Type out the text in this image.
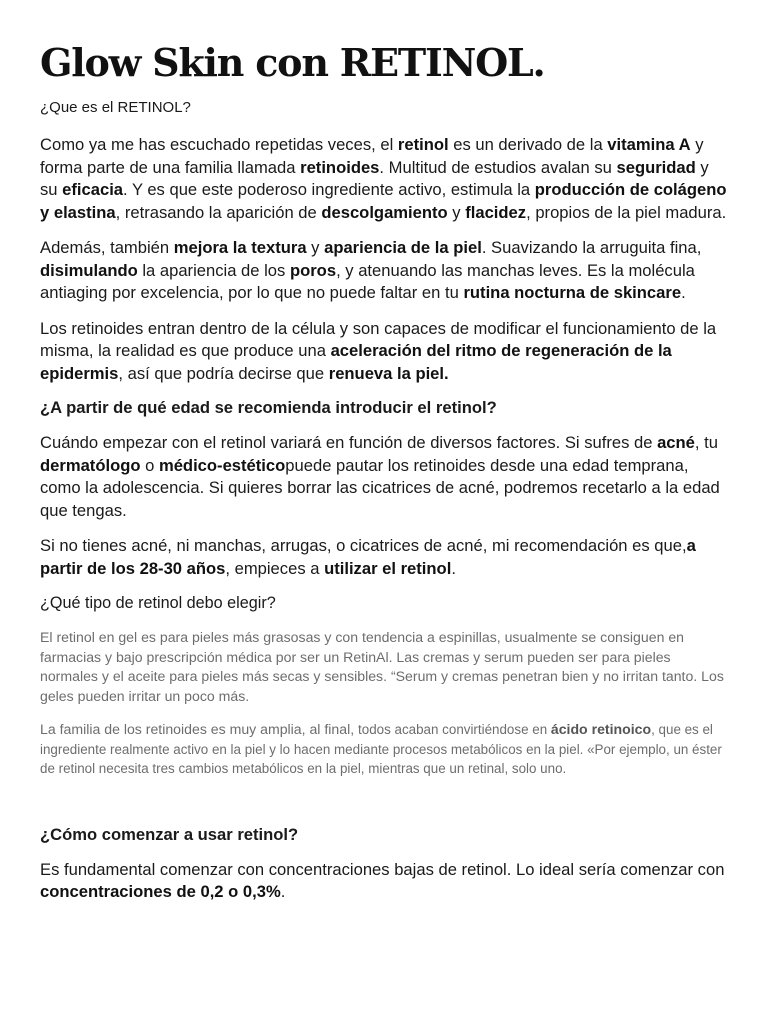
Glow Skin con RETINOL.

¿Que es el RETINOL?

Como ya me has escuchado repetidas veces, el retinol es un derivado de la vitamina A y forma parte de una familia llamada retinoides. Multitud de estudios avalan su seguridad y su eficacia. Y es que este poderoso ingrediente activo, estimula la producción de colágeno y elastina, retrasando la aparición de descolgamiento y flacidez, propios de la piel madura.

Además, también mejora la textura y apariencia de la piel. Suavizando la arruguita fina, disimulando la apariencia de los poros, y atenuando las manchas leves. Es la molécula antiaging por excelencia, por lo que no puede faltar en tu rutina nocturna de skincare.

Los retinoides entran dentro de la célula y son capaces de modificar el funcionamiento de la misma, la realidad es que produce una aceleración del ritmo de regeneración de la epidermis, así que podría decirse que renueva la piel.

¿A partir de qué edad se recomienda introducir el retinol?

Cuándo empezar con el retinol variará en función de diversos factores. Si sufres de acné, tu dermatólogo o médico-estéticopuede pautar los retinoides desde una edad temprana, como la adolescencia. Si quieres borrar las cicatrices de acné, podremos recetarlo a la edad que tengas.

Si no tienes acné, ni manchas, arrugas, o cicatrices de acné, mi recomendación es que,a partir de los 28-30 años, empieces a utilizar el retinol.

¿Qué tipo de retinol debo elegir?

El retinol en gel es para pieles más grasosas y con tendencia a espinillas, usualmente se consiguen en farmacias y bajo prescripción médica por ser un RetinAl. Las cremas y serum pueden ser para pieles normales y el aceite para pieles más secas y sensibles. “Serum y cremas penetran bien y no irritan tanto. Los geles pueden irritar un poco más.

La familia de los retinoides es muy amplia, al final, todos acaban convirtiéndose en ácido retinoico, que es el ingrediente realmente activo en la piel y lo hacen mediante procesos metabólicos en la piel. «Por ejemplo, un éster de retinol necesita tres cambios metabólicos en la piel, mientras que un retinal, solo uno.

¿Cómo comenzar a usar retinol?

Es fundamental comenzar con concentraciones bajas de retinol. Lo ideal sería comenzar con concentraciones de 0,2 o 0,3%.
